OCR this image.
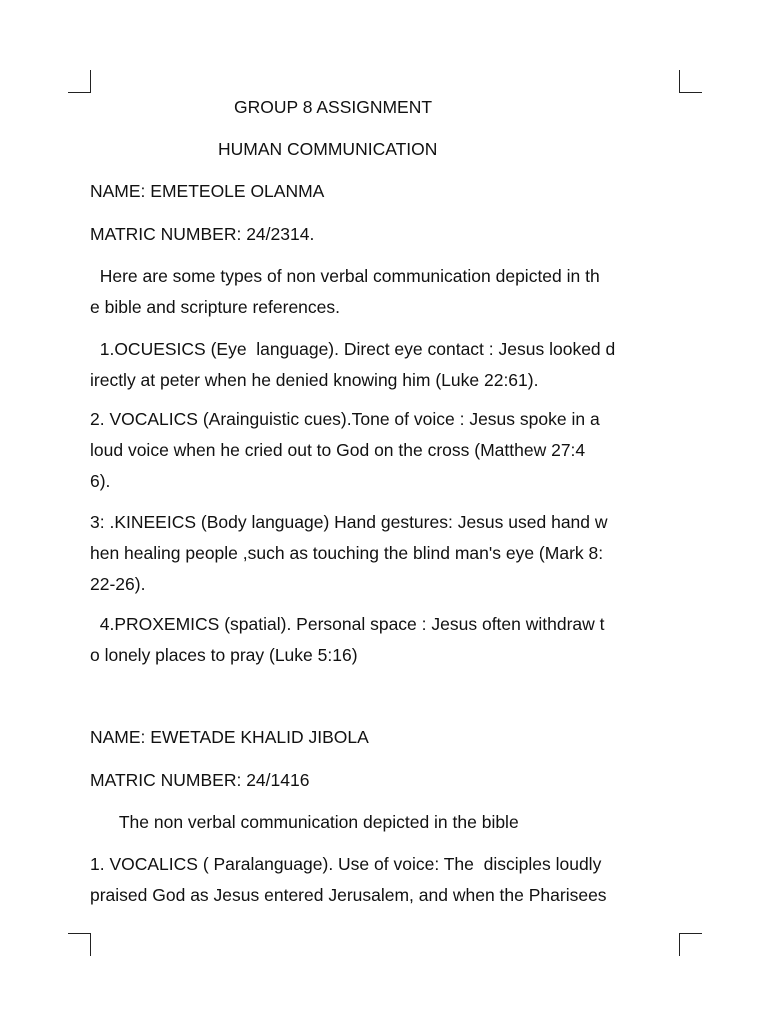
GROUP 8 ASSIGNMENT

HUMAN COMMUNICATION

NAME: EMETEOLE OLANMA

MATRIC NUMBER: 24/2314.

Here are some types of non verbal communication depicted in th
e bible and scripture references.

1.OCUESICS (Eye  language). Direct eye contact : Jesus looked d
irectly at peter when he denied knowing him (Luke 22:61).

2. VOCALICS (Arainguistic cues).Tone of voice : Jesus spoke in a
loud voice when he cried out to God on the cross (Matthew 27:4
6).

3: .KINEEICS (Body language) Hand gestures: Jesus used hand w
hen healing people ,such as touching the blind man's eye (Mark 8:
22-26).

4.PROXEMICS (spatial). Personal space : Jesus often withdraw t
o lonely places to pray (Luke 5:16)

NAME: EWETADE KHALID JIBOLA

MATRIC NUMBER: 24/1416

The non verbal communication depicted in the bible

1. VOCALICS ( Paralanguage). Use of voice: The  disciples loudly
praised God as Jesus entered Jerusalem, and when the Pharisees
